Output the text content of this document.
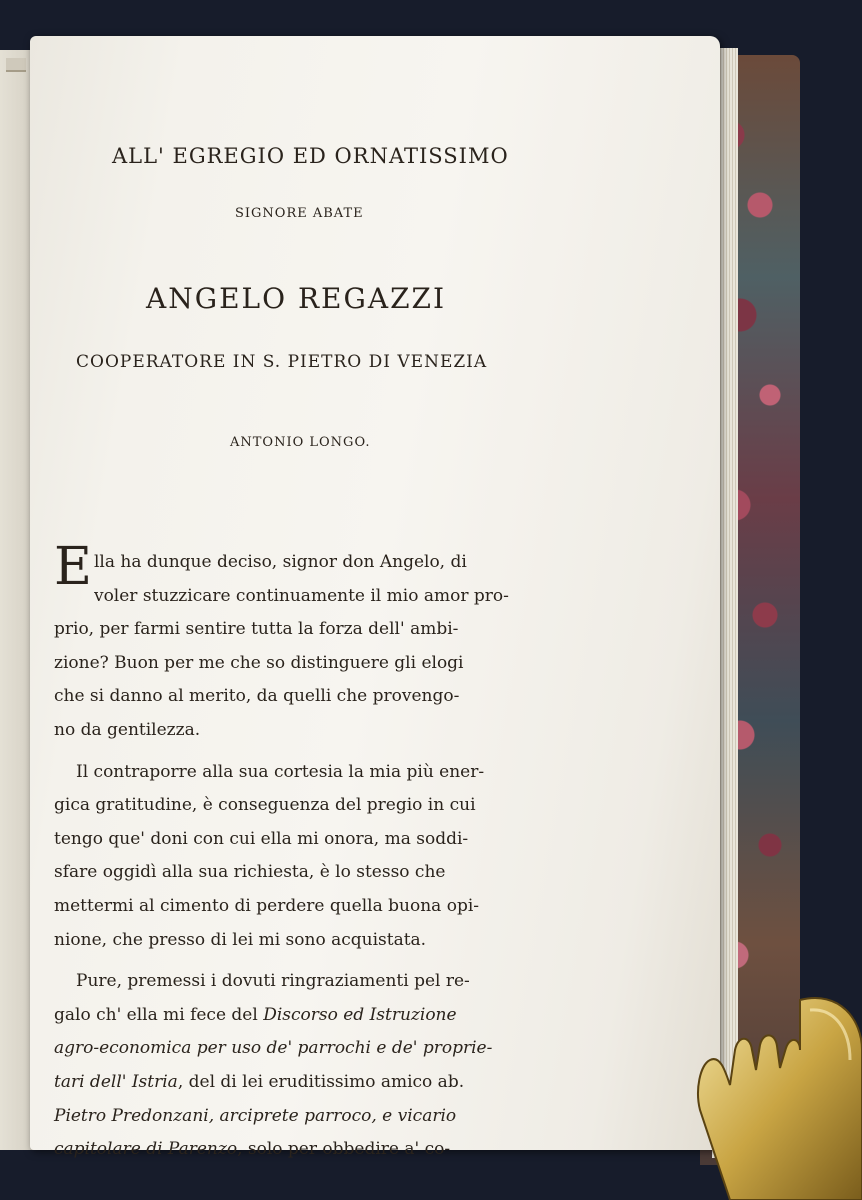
ALL' EGREGIO ED ORNATISSIMO
SIGNORE ABATE
ANGELO REGAZZI
COOPERATORE IN S. PIETRO DI VENEZIA
ANTONIO LONGO.
E lla ha dunque deciso, signor don Angelo, di
voler stuzzicare continuamente il mio amor pro-
prio, per farmi sentire tutta la forza dell' ambi-
zione? Buon per me che so distinguere gli elogi
che si danno al merito, da quelli che provengo-
no da gentilezza.
Il contraporre alla sua cortesia la mia più ener-
gica gratitudine, è conseguenza del pregio in cui
tengo que' doni con cui ella mi onora, ma soddi-
sfare oggidì alla sua richiesta, è lo stesso che
mettermi al cimento di perdere quella buona opi-
nione, che presso di lei mi sono acquistata.
Pure, premessi i dovuti ringraziamenti pel re-
galo ch' ella mi fece del Discorso ed Istruzione
agro-economica per uso de' parrochi e de' proprie-
tari dell' Istria, del di lei eruditissimo amico ab.
Pietro Predonzani, arciprete parroco, e vicario
capitolare di Parenzo, solo per obbedire a' co-
